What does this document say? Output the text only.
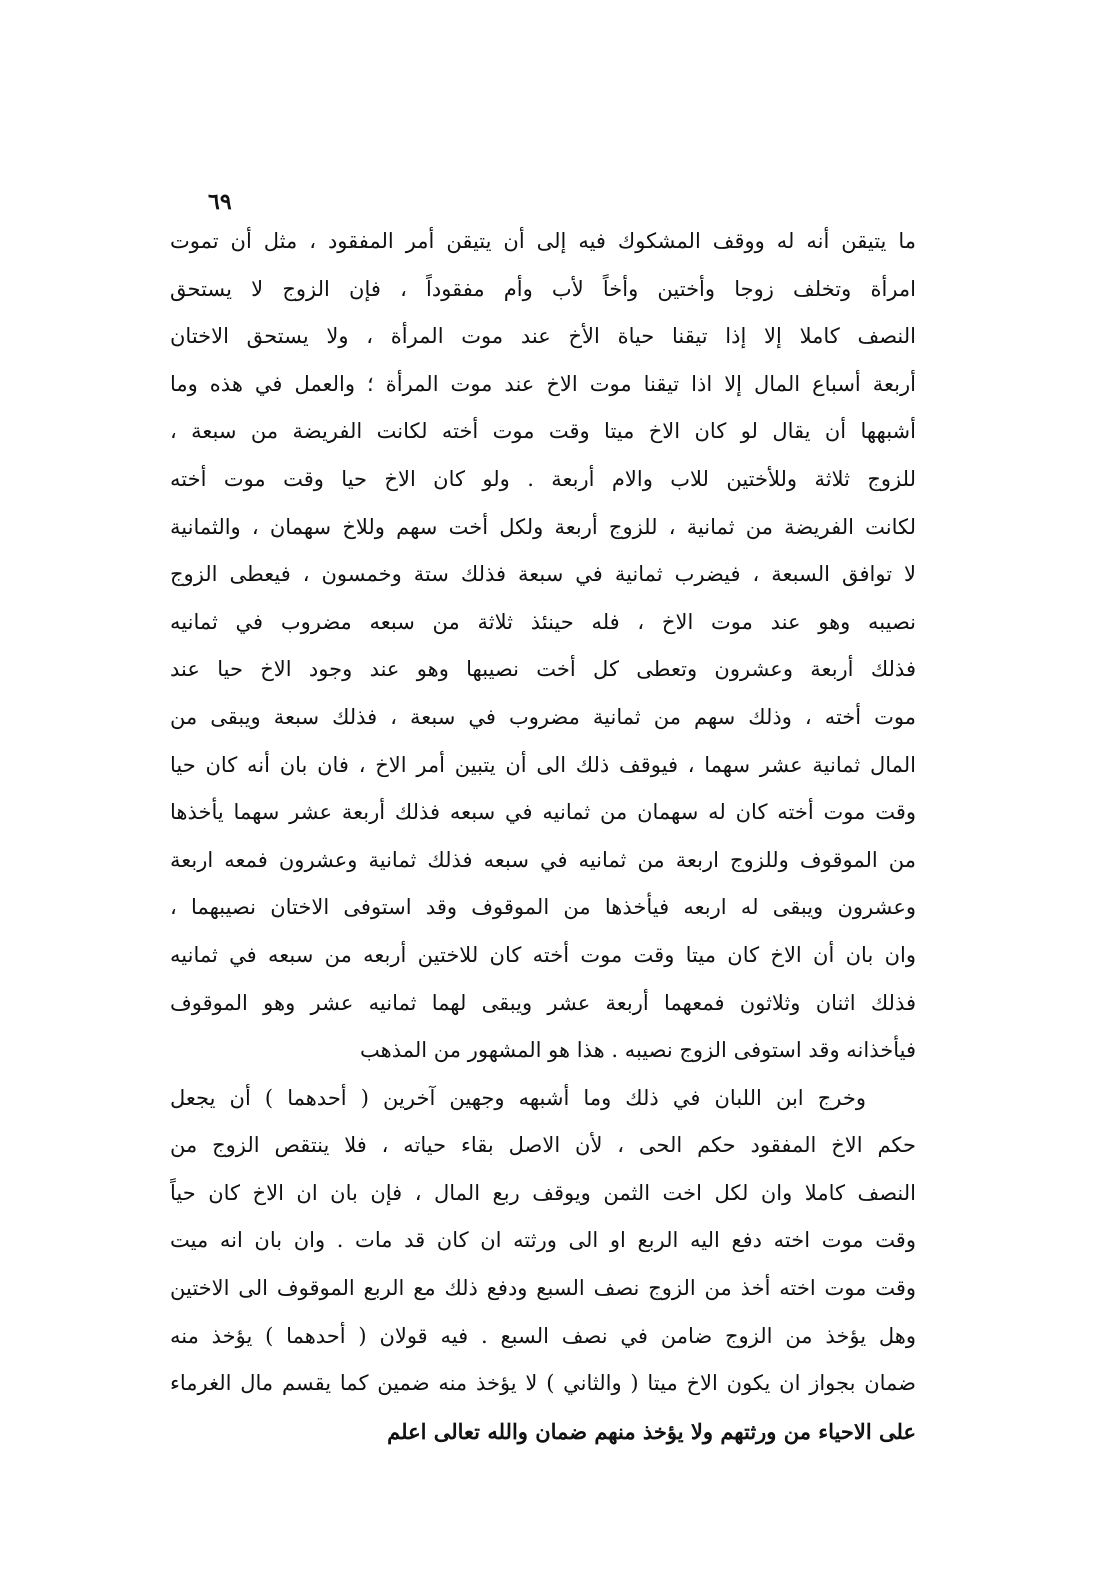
٦٩
ما يتيقن أنه له ووقف المشكوك فيه إلى أن يتيقن أمر المفقود ، مثل أن تموت
امرأة وتخلف زوجا وأختين وأخاً لأب وأم مفقوداً ، فإن الزوج لا يستحق
النصف كاملا إلا إذا تيقنا حياة الأخ عند موت المرأة ، ولا يستحق الاختان
أربعة أسباع المال إلا اذا تيقنا موت الاخ عند موت المرأة ؛ والعمل في هذه وما
أشبهها أن يقال لو كان الاخ ميتا وقت موت أخته لكانت الفريضة من سبعة ،
للزوج ثلاثة وللأختين للاب والام أربعة . ولو كان الاخ حيا وقت موت أخته
لكانت الفريضة من ثمانية ، للزوج أربعة ولكل أخت سهم وللاخ سهمان ، والثمانية
لا توافق السبعة ، فيضرب ثمانية في سبعة فذلك ستة وخمسون ، فيعطى الزوج
نصيبه وهو عند موت الاخ ، فله حينئذ ثلاثة من سبعه مضروب في ثمانيه
فذلك أربعة وعشرون وتعطى كل أخت نصيبها وهو عند وجود الاخ حيا عند
موت أخته ، وذلك سهم من ثمانية مضروب في سبعة ، فذلك سبعة ويبقى من
المال ثمانية عشر سهما ، فيوقف ذلك الى أن يتبين أمر الاخ ، فان بان أنه كان حيا
وقت موت أخته كان له سهمان من ثمانيه في سبعه فذلك أربعة عشر سهما يأخذها
من الموقوف وللزوج اربعة من ثمانيه في سبعه فذلك ثمانية وعشرون فمعه اربعة
وعشرون ويبقى له اربعه فيأخذها من الموقوف وقد استوفى الاختان نصيبهما ،
وان بان أن الاخ كان ميتا وقت موت أخته كان للاختين أربعه من سبعه في ثمانيه
فذلك اثنان وثلاثون فمعهما أربعة عشر ويبقى لهما ثمانيه عشر وهو الموقوف
فيأخذانه وقد استوفى الزوج نصيبه . هذا هو المشهور من المذهب
وخرج ابن اللبان في ذلك وما أشبهه وجهين آخرين ( أحدهما ) أن يجعل
حكم الاخ المفقود حكم الحى ، لأن الاصل بقاء حياته ، فلا ينتقص الزوج من
النصف كاملا وان لكل اخت الثمن ويوقف ربع المال ، فإن بان ان الاخ كان حياً
وقت موت اخته دفع اليه الربع او الى ورثته ان كان قد مات . وان بان انه ميت
وقت موت اخته أخذ من الزوج نصف السبع ودفع ذلك مع الربع الموقوف الى الاختين
وهل يؤخذ من الزوج ضامن في نصف السبع . فيه قولان ( أحدهما ) يؤخذ منه
ضمان بجواز ان يكون الاخ ميتا ( والثاني ) لا يؤخذ منه ضمين كما يقسم مال الغرماء
على الاحياء من ورثتهم ولا يؤخذ منهم ضمان والله تعالى اعلم
